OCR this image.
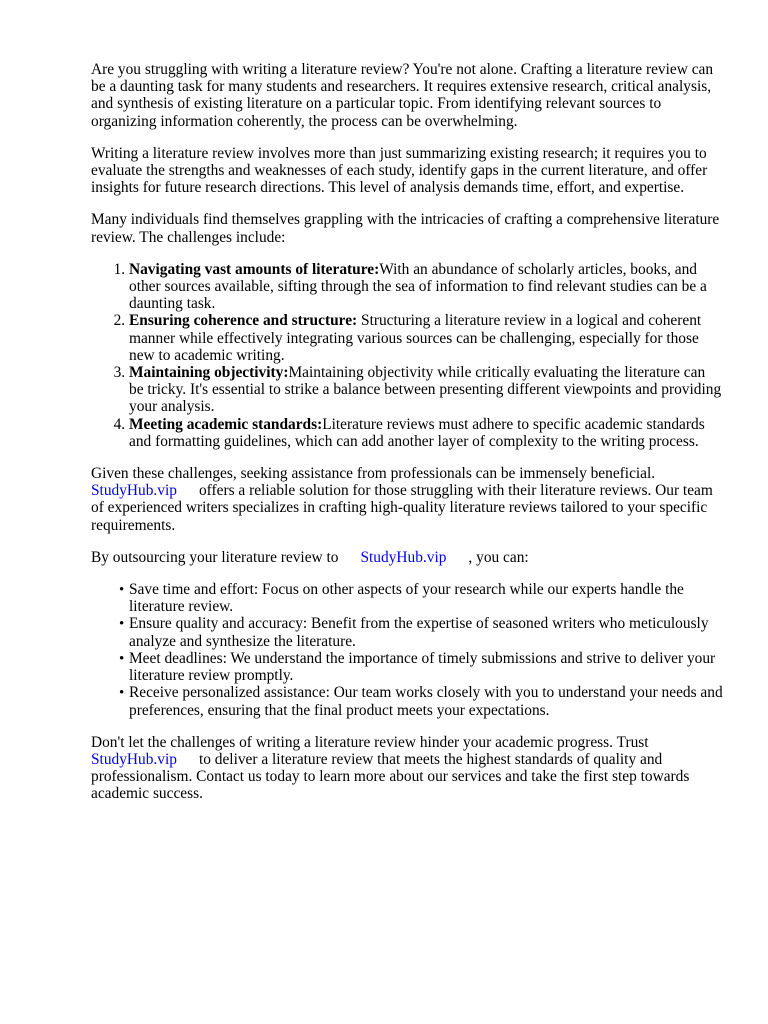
Are you struggling with writing a literature review? You're not alone. Crafting a literature review can be a daunting task for many students and researchers. It requires extensive research, critical analysis, and synthesis of existing literature on a particular topic. From identifying relevant sources to organizing information coherently, the process can be overwhelming.

Writing a literature review involves more than just summarizing existing research; it requires you to evaluate the strengths and weaknesses of each study, identify gaps in the current literature, and offer insights for future research directions. This level of analysis demands time, effort, and expertise.

Many individuals find themselves grappling with the intricacies of crafting a comprehensive literature review. The challenges include:

1. Navigating vast amounts of literature:With an abundance of scholarly articles, books, and other sources available, sifting through the sea of information to find relevant studies can be a daunting task.
2. Ensuring coherence and structure: Structuring a literature review in a logical and coherent manner while effectively integrating various sources can be challenging, especially for those new to academic writing.
3. Maintaining objectivity:Maintaining objectivity while critically evaluating the literature can be tricky. It's essential to strike a balance between presenting different viewpoints and providing your analysis.
4. Meeting academic standards:Literature reviews must adhere to specific academic standards and formatting guidelines, which can add another layer of complexity to the writing process.

Given these challenges, seeking assistance from professionals can be immensely beneficial.
StudyHub.vip offers a reliable solution for those struggling with their literature reviews. Our team of experienced writers specializes in crafting high-quality literature reviews tailored to your specific requirements.

By outsourcing your literature review to StudyHub.vip , you can:

• Save time and effort: Focus on other aspects of your research while our experts handle the literature review.
• Ensure quality and accuracy: Benefit from the expertise of seasoned writers who meticulously analyze and synthesize the literature.
• Meet deadlines: We understand the importance of timely submissions and strive to deliver your literature review promptly.
• Receive personalized assistance: Our team works closely with you to understand your needs and preferences, ensuring that the final product meets your expectations.

Don't let the challenges of writing a literature review hinder your academic progress. Trust
StudyHub.vip to deliver a literature review that meets the highest standards of quality and professionalism. Contact us today to learn more about our services and take the first step towards academic success.
